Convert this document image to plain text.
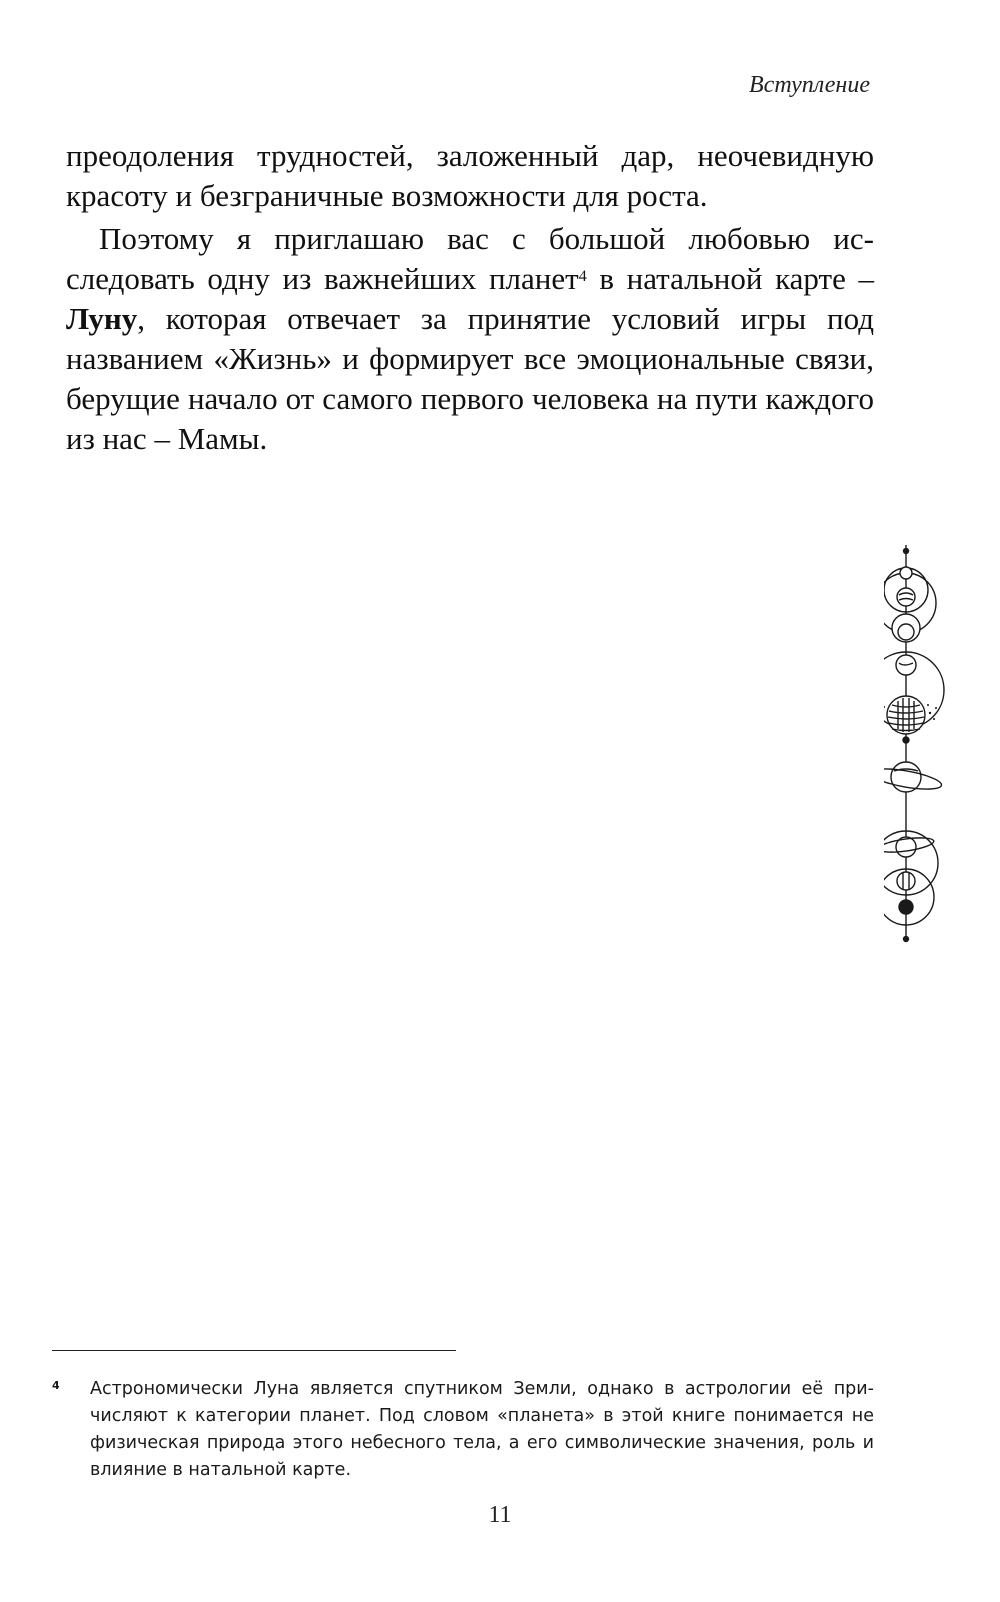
Вступление

преодоления трудностей, заложенный дар, неочевидную красоту и безграничные возможности для роста.

Поэтому я приглашаю вас с большой любовью исследовать одну из важнейших планет$^4$ в натальной карте – Луну, которая отвечает за принятие условий игры под названием «Жизнь» и формирует все эмоциональные связи, берущие начало от самого первого человека на пути каждого из нас – Мамы.

4 Астрономически Луна является спутником Земли, однако в астрологии её причисляют к категории планет. Под словом «планета» в этой книге понимается не физическая природа этого небесного тела, а его символические значения, роль и влияние в натальной карте.
11
